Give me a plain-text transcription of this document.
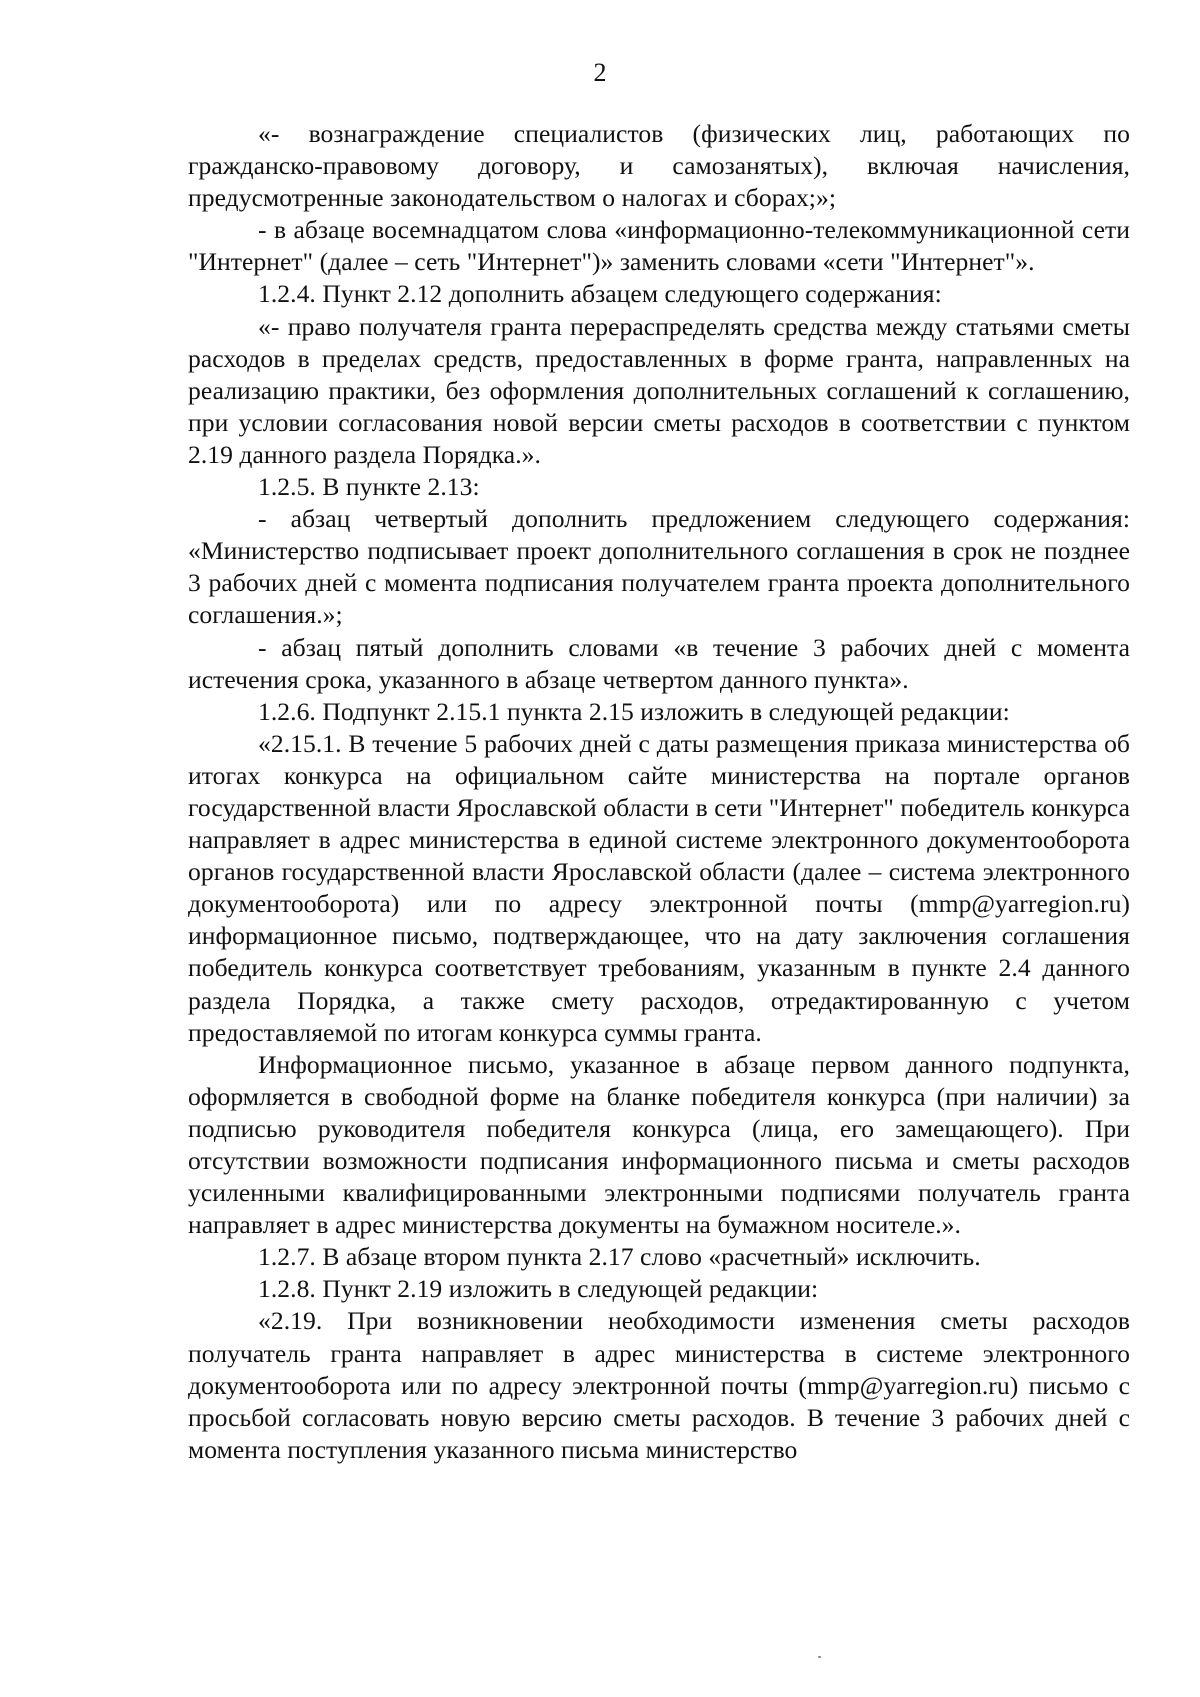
2

«- вознаграждение специалистов (физических лиц, работающих по гражданско-правовому договору, и самозанятых), включая начисления, предусмотренные законодательством о налогах и сборах;»;

- в абзаце восемнадцатом слова «информационно-телекоммуникационной сети "Интернет" (далее – сеть "Интернет")» заменить словами «сети "Интернет"».

1.2.4. Пункт 2.12 дополнить абзацем следующего содержания:

«- право получателя гранта перераспределять средства между статьями сметы расходов в пределах средств, предоставленных в форме гранта, направленных на реализацию практики, без оформления дополнительных соглашений к соглашению, при условии согласования новой версии сметы расходов в соответствии с пунктом 2.19 данного раздела Порядка.».

1.2.5. В пункте 2.13:

- абзац четвертый дополнить предложением следующего содержания: «Министерство подписывает проект дополнительного соглашения в срок не позднее 3 рабочих дней с момента подписания получателем гранта проекта дополнительного соглашения.»;

- абзац пятый дополнить словами «в течение 3 рабочих дней с момента истечения срока, указанного в абзаце четвертом данного пункта».

1.2.6. Подпункт 2.15.1 пункта 2.15 изложить в следующей редакции:

«2.15.1. В течение 5 рабочих дней с даты размещения приказа министерства об итогах конкурса на официальном сайте министерства на портале органов государственной власти Ярославской области в сети "Интернет" победитель конкурса направляет в адрес министерства в единой системе электронного документооборота органов государственной власти Ярославской области (далее – система электронного документооборота) или по адресу электронной почты (mmp@yarregion.ru) информационное письмо, подтверждающее, что на дату заключения соглашения победитель конкурса соответствует требованиям, указанным в пункте 2.4 данного раздела Порядка, а также смету расходов, отредактированную с учетом предоставляемой по итогам конкурса суммы гранта.

Информационное письмо, указанное в абзаце первом данного подпункта, оформляется в свободной форме на бланке победителя конкурса (при наличии) за подписью руководителя победителя конкурса (лица, его замещающего). При отсутствии возможности подписания информационного письма и сметы расходов усиленными квалифицированными электронными подписями получатель гранта направляет в адрес министерства документы на бумажном носителе.».

1.2.7. В абзаце втором пункта 2.17 слово «расчетный» исключить.

1.2.8. Пункт 2.19 изложить в следующей редакции:

«2.19. При возникновении необходимости изменения сметы расходов получатель гранта направляет в адрес министерства в системе электронного документооборота или по адресу электронной почты (mmp@yarregion.ru) письмо с просьбой согласовать новую версию сметы расходов. В течение 3 рабочих дней с момента поступления указанного письма министерство
